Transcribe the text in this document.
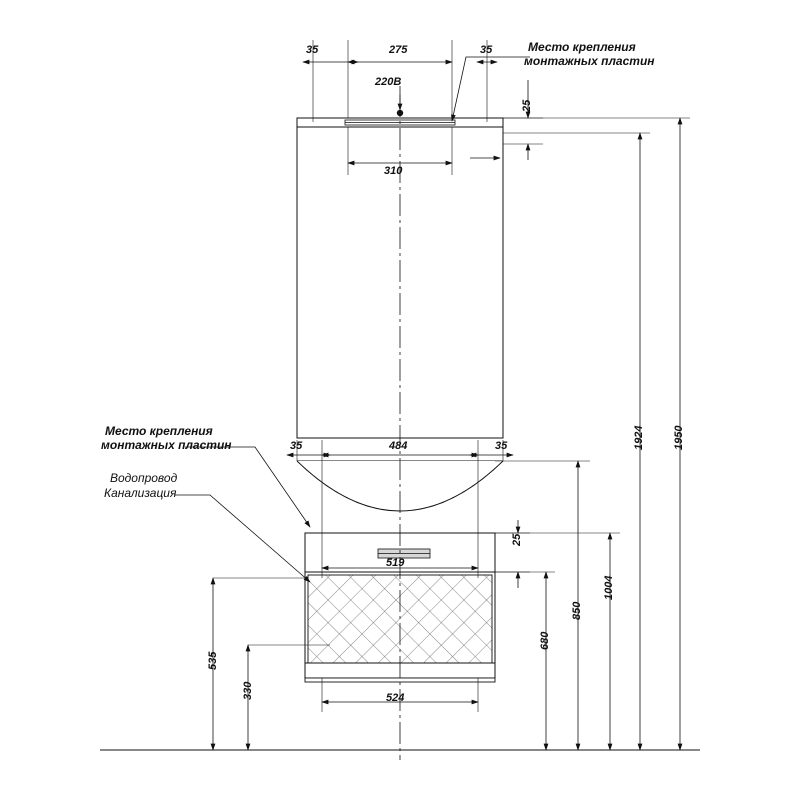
35	275	35
220В
Место крепления
монтажных пластин
310
25
Место крепления
монтажных пластин
Водопровод
Канализация
35	484	35
519
25
524
1950
1924
1004
850
680
535
330
